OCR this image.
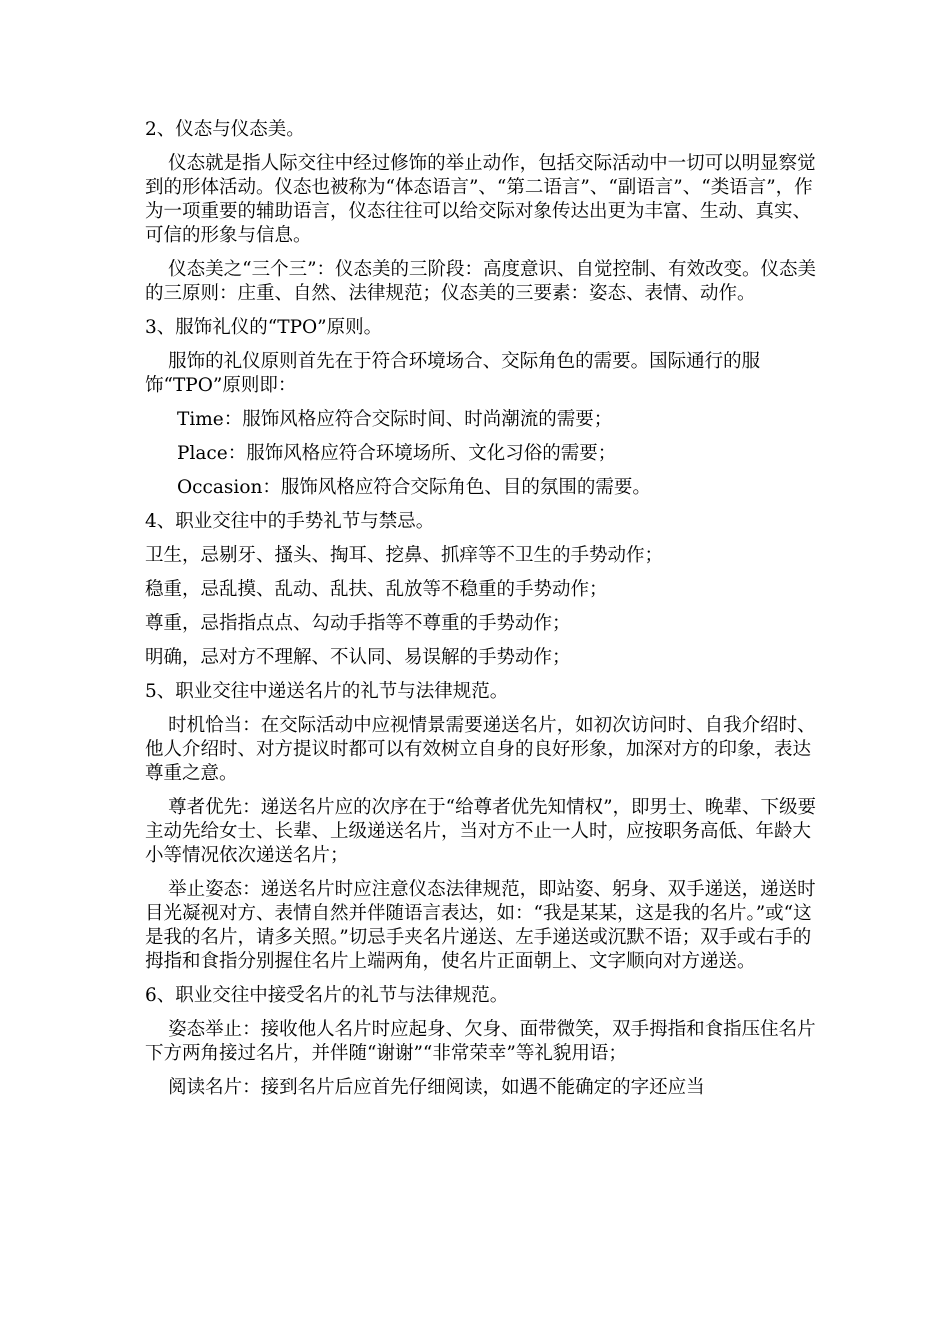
2、仪态与仪态美。

仪态就是指人际交往中经过修饰的举止动作，包括交际活动中一切可以明显察觉到的形体活动。仪态也被称为“体态语言”、“第二语言”、“副语言”、“类语言”，作为一项重要的辅助语言，仪态往往可以给交际对象传达出更为丰富、生动、真实、可信的形象与信息。

仪态美之“三个三”：仪态美的三阶段：高度意识、自觉控制、有效改变。仪态美的三原则：庄重、自然、法律规范；仪态美的三要素：姿态、表情、动作。

3、服饰礼仪的“TPO”原则。

服饰的礼仪原则首先在于符合环境场合、交际角色的需要。国际通行的服饰“TPO”原则即：

Time：服饰风格应符合交际时间、时尚潮流的需要；

Place：服饰风格应符合环境场所、文化习俗的需要；

Occasion：服饰风格应符合交际角色、目的氛围的需要。

4、职业交往中的手势礼节与禁忌。

卫生，忌剔牙、搔头、掏耳、挖鼻、抓痒等不卫生的手势动作；

稳重，忌乱摸、乱动、乱扶、乱放等不稳重的手势动作；

尊重，忌指指点点、勾动手指等不尊重的手势动作；

明确，忌对方不理解、不认同、易误解的手势动作；

5、职业交往中递送名片的礼节与法律规范。

时机恰当：在交际活动中应视情景需要递送名片，如初次访问时、自我介绍时、他人介绍时、对方提议时都可以有效树立自身的良好形象，加深对方的印象，表达尊重之意。

尊者优先：递送名片应的次序在于“给尊者优先知情权”，即男士、晚辈、下级要主动先给女士、长辈、上级递送名片，当对方不止一人时，应按职务高低、年龄大小等情况依次递送名片；

举止姿态：递送名片时应注意仪态法律规范，即站姿、躬身、双手递送，递送时目光凝视对方、表情自然并伴随语言表达，如：“我是某某，这是我的名片。”或“这是我的名片，请多关照。”切忌手夹名片递送、左手递送或沉默不语；双手或右手的拇指和食指分别握住名片上端两角，使名片正面朝上、文字顺向对方递送。

6、职业交往中接受名片的礼节与法律规范。

姿态举止：接收他人名片时应起身、欠身、面带微笑，双手拇指和食指压住名片下方两角接过名片，并伴随“谢谢”“非常荣幸”等礼貌用语；

阅读名片：接到名片后应首先仔细阅读，如遇不能确定的字还应当
